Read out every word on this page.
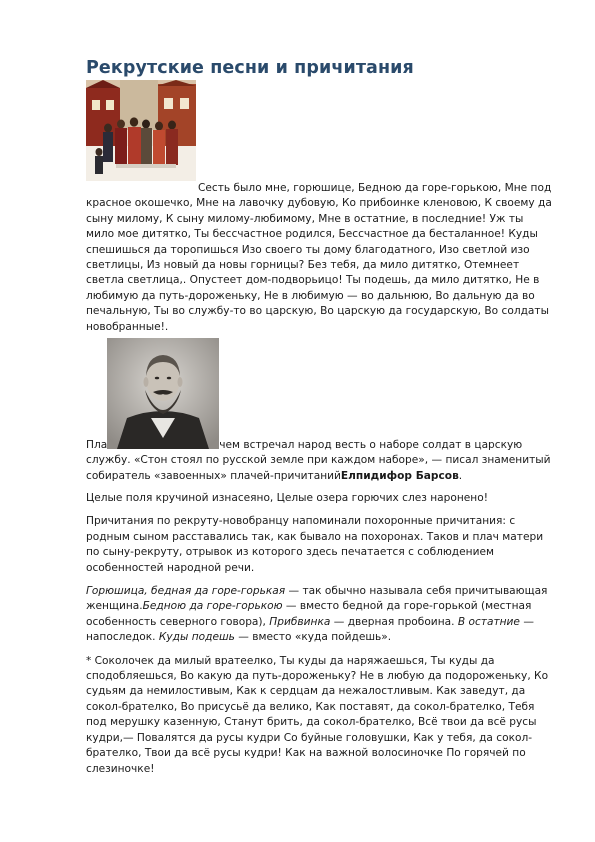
Рекрутские песни и причитания

Сесть было мне, горюшице, Бедною да горе-горькою, Мне под красное окошечко, Мне на лавочку дубовую, Ко прибоинке кленовою, К своему да сыну милому, К сыну милому-любимому, Мне в остатние, в последние! Уж ты мило мое дитятко, Ты бессчастное родился, Бессчастное да бесталанное! Куды спешишься да торопишься Изо своего ты дому благодатного, Изо светлой изо светлицы, Из новый да новы горницы? Без тебя, да мило дитятко, Отемнеет светла светлица,. Опустеет дом-подворьицо! Ты подешь, да мило дитятко, Не в любимую да путь-дороженьку, Не в любимую — во дальнюю, Во дальную да во печальную, Ты во службу-то во царскую, Во царскую да государскую, Во солдаты новобранные!.

Пла	чем встречал народ весть о наборе солдат в царскую службу. «Стон стоял по русской земле при каждом наборе», — писал знаменитый собиратель «завоенных» плачей-причитанийЕлпидифор Барсов.

Целые поля кручиной изнасеяно, Целые озера горючих слез наронено!

Причитания по рекруту-новобранцу напоминали похоронные причитания: с родным сыном расставались так, как бывало на похоронах. Таков и плач матери по сыну-рекруту, отрывок из которого здесь печатается с соблюдением особенностей народной речи.

Горюшица, бедная да горе-горькая — так обычно называла себя причитывающая женщина.Бедною да горе-горькою — вместо бедной да горе-горькой (местная особенность северного говора), Прибвинка — дверная пробоина. В остатние — напоследок. Куды подешь — вместо «куда пойдешь».

* Соколочек да милый вратеелко, Ты куды да наряжаешься, Ты куды да сподобляешься, Во какую да путь-дороженьку? Не в любую да подороженьку, Ко судьям да немилостивым, Как к сердцам да нежалостливым. Как заведут, да сокол-брателко, Во присусьё да велико, Как поставят, да сокол-брателко, Тебя под мерушку казенную, Станут брить, да сокол-брателко, Всё твои да всё русы кудри,— Повалятся да русы кудри Со буйные головушки, Как у тебя, да сокол-брателко, Твои да всё русы кудри! Как на важной волосиночке По горячей по слезиночке!
